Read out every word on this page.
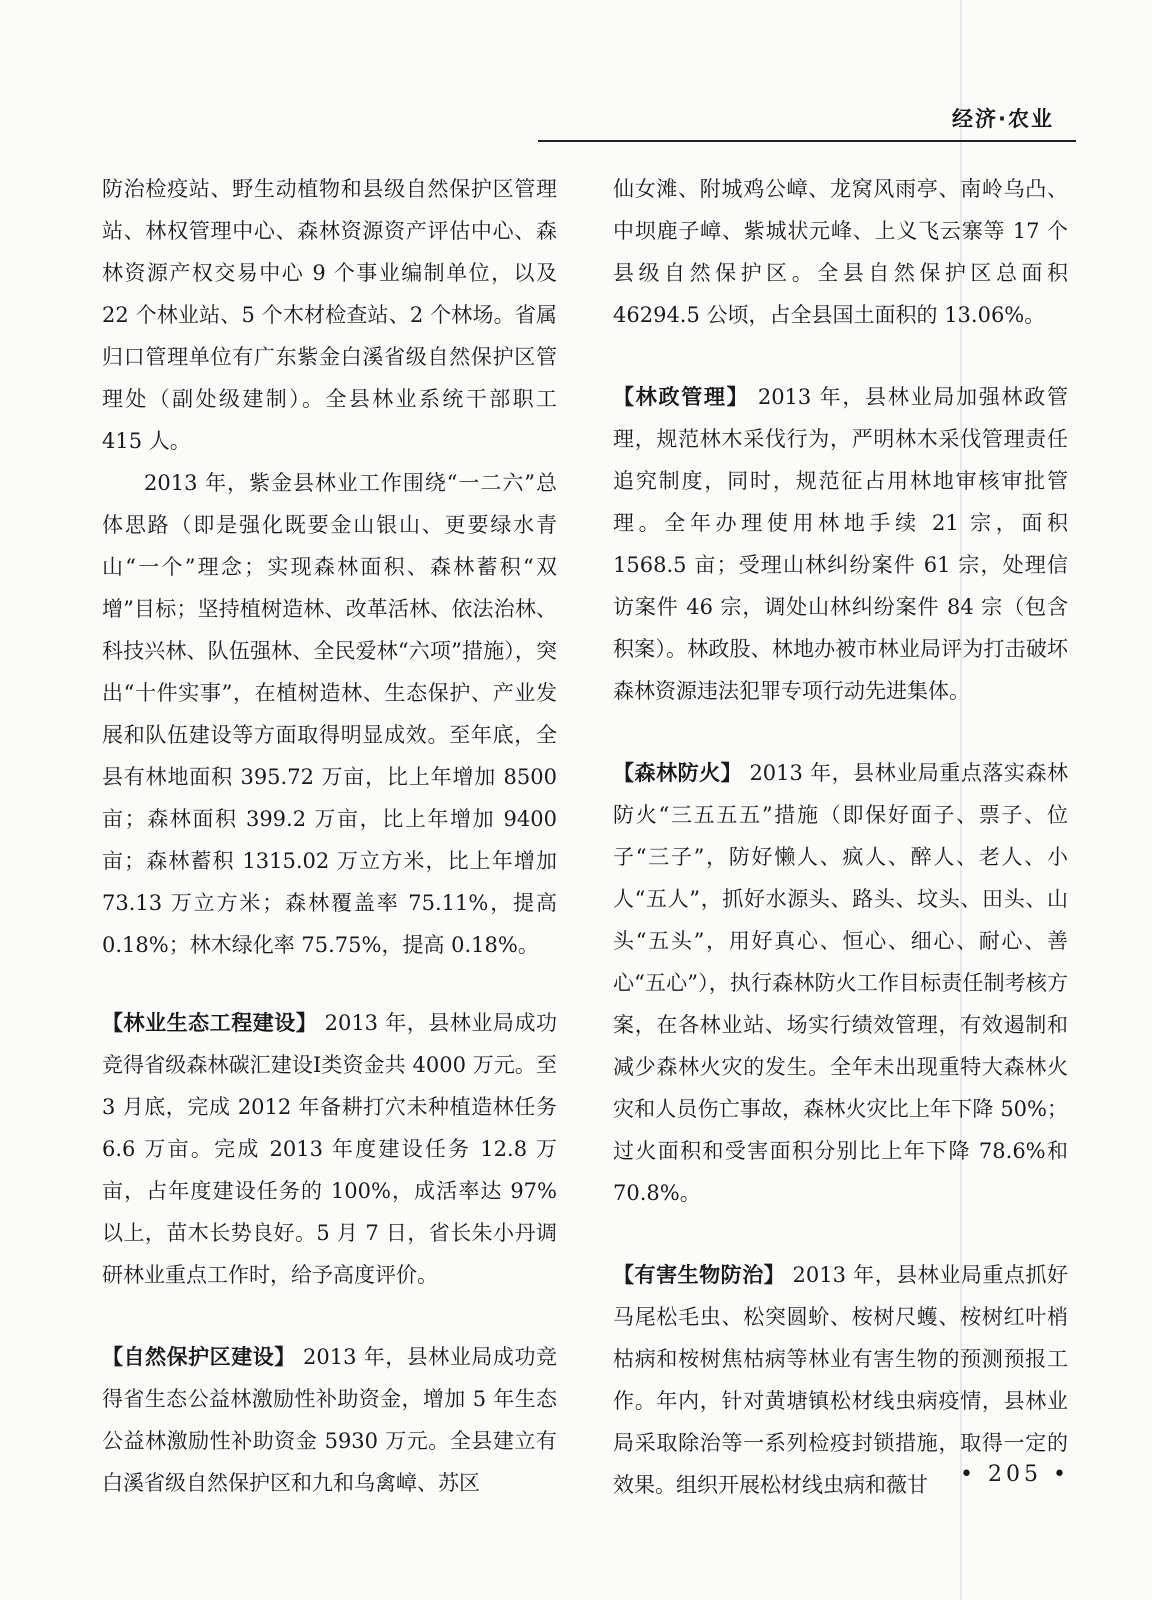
经济·农业

防治检疫站、野生动植物和县级自然保护区管理站、林权管理中心、森林资源资产评估中心、森林资源产权交易中心 9 个事业编制单位，以及 22 个林业站、5 个木材检查站、2 个林场。省属归口管理单位有广东紫金白溪省级自然保护区管理处（副处级建制）。全县林业系统干部职工 415 人。

2013 年，紫金县林业工作围绕“一二六”总体思路（即是强化既要金山银山、更要绿水青山“一个”理念；实现森林面积、森林蓄积“双增”目标；坚持植树造林、改革活林、依法治林、科技兴林、队伍强林、全民爱林“六项”措施），突出“十件实事”，在植树造林、生态保护、产业发展和队伍建设等方面取得明显成效。至年底，全县有林地面积 395.72 万亩，比上年增加 8500 亩；森林面积 399.2 万亩，比上年增加 9400 亩；森林蓄积 1315.02 万立方米，比上年增加 73.13 万立方米；森林覆盖率 75.11%，提高 0.18%；林木绿化率 75.75%，提高 0.18%。

【林业生态工程建设】 2013 年，县林业局成功竞得省级森林碳汇建设Ⅰ类资金共 4000 万元。至 3 月底，完成 2012 年备耕打穴未种植造林任务 6.6 万亩。完成 2013 年度建设任务 12.8 万亩，占年度建设任务的 100%，成活率达 97%以上，苗木长势良好。5 月 7 日，省长朱小丹调研林业重点工作时，给予高度评价。

【自然保护区建设】 2013 年，县林业局成功竞得省生态公益林激励性补助资金，增加 5 年生态公益林激励性补助资金 5930 万元。全县建立有白溪省级自然保护区和九和乌禽嶂、苏区

仙女滩、附城鸡公嶂、龙窝风雨亭、南岭乌凸、中坝鹿子嶂、紫城状元峰、上义飞云寨等 17 个县级自然保护区。全县自然保护区总面积 46294.5 公顷，占全县国土面积的 13.06%。

【林政管理】 2013 年，县林业局加强林政管理，规范林木采伐行为，严明林木采伐管理责任追究制度，同时，规范征占用林地审核审批管理。全年办理使用林地手续 21 宗，面积 1568.5 亩；受理山林纠纷案件 61 宗，处理信访案件 46 宗，调处山林纠纷案件 84 宗（包含积案）。林政股、林地办被市林业局评为打击破坏森林资源违法犯罪专项行动先进集体。

【森林防火】 2013 年，县林业局重点落实森林防火“三五五五”措施（即保好面子、票子、位子“三子”，防好懒人、疯人、醉人、老人、小人“五人”，抓好水源头、路头、坟头、田头、山头“五头”，用好真心、恒心、细心、耐心、善心“五心”），执行森林防火工作目标责任制考核方案，在各林业站、场实行绩效管理，有效遏制和减少森林火灾的发生。全年未出现重特大森林火灾和人员伤亡事故，森林火灾比上年下降 50%；过火面积和受害面积分别比上年下降 78.6%和 70.8%。

【有害生物防治】 2013 年，县林业局重点抓好马尾松毛虫、松突圆蚧、桉树尺蠖、桉树红叶梢枯病和桉树焦枯病等林业有害生物的预测预报工作。年内，针对黄塘镇松材线虫病疫情，县林业局采取除治等一系列检疫封锁措施，取得一定的效果。组织开展松材线虫病和薇甘	• 205 •
